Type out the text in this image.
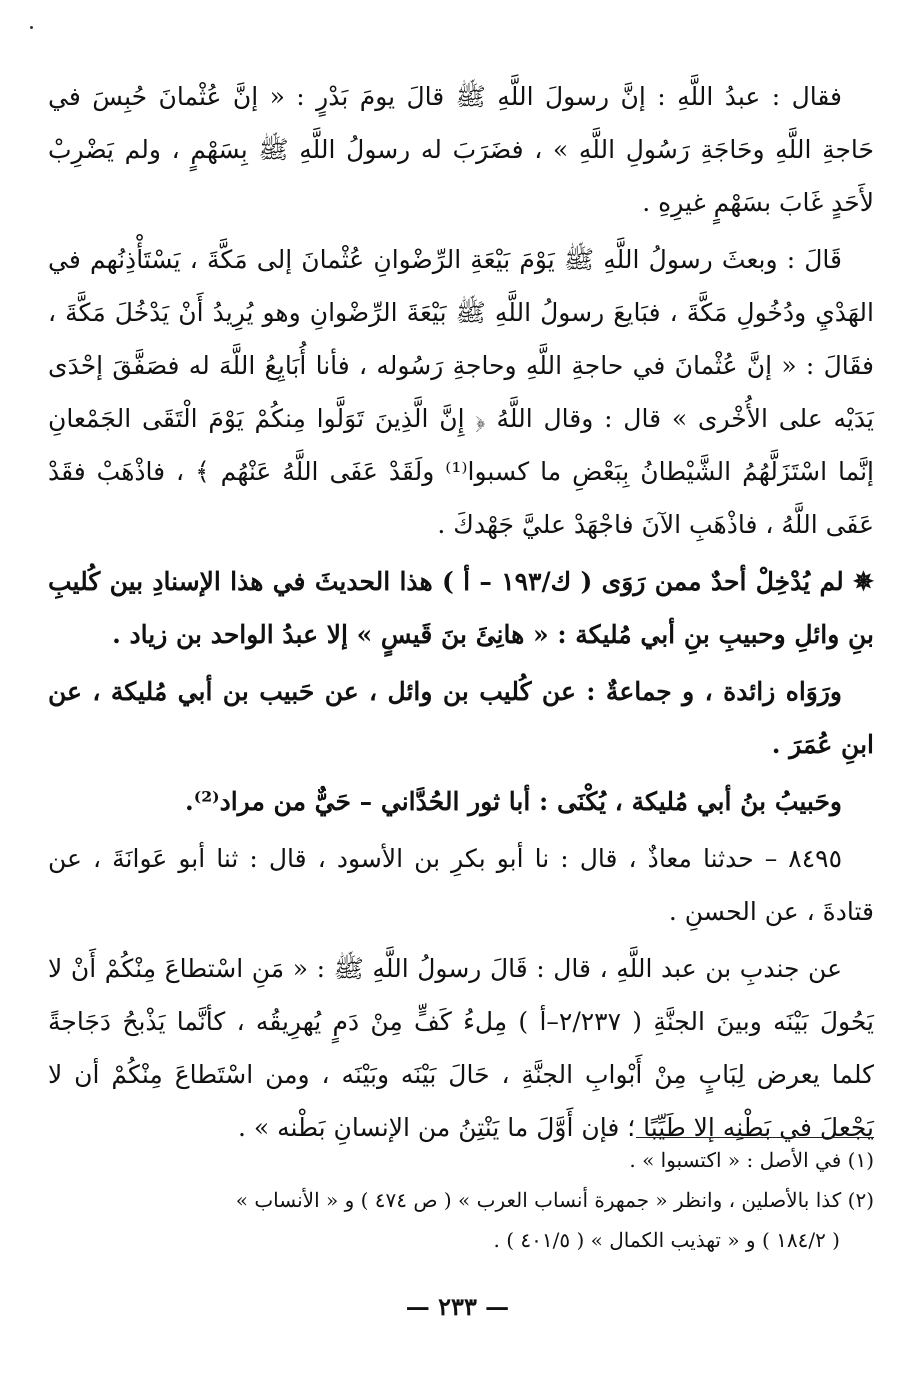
فقال : عبدُ اللَّهِ : إنَّ رسولَ اللَّهِ ﷺ قالَ يومَ بَدْرٍ : « إنَّ عُثْمانَ حُبِسَ في حَاجةِ اللَّهِ وحَاجَةِ رَسُولِ اللَّهِ » ، فضَرَبَ له رسولُ اللَّهِ ﷺ بِسَهْمٍ ، ولم يَضْرِبْ لأَحَدٍ غَابَ بسَهْمٍ غيرِهِ .

قَالَ : وبعثَ رسولُ اللَّهِ ﷺ يَوْمَ بَيْعَةِ الرِّضْوانِ عُثْمانَ إلى مَكَّةَ ، يَسْتَأْذِنُهم في الهَدْيِ ودُخُولِ مَكَّةَ ، فبَايعَ رسولُ اللَّهِ ﷺ بَيْعَةَ الرِّضْوانِ وهو يُرِيدُ أَنْ يَدْخُلَ مَكَّةَ ، فقَالَ : « إنَّ عُثْمانَ في حاجةِ اللَّهِ وحاجةِ رَسُوله ، فأنا أُبَايِعُ اللَّهَ له فصَفَّقَ إحْدَى يَدَيْه على الأُخْرى » قال : وقال اللَّهُ ﴿ إِنَّ الَّذِينَ تَوَلَّوا مِنكُمْ يَوْمَ الْتَقَى الجَمْعانِ إنَّما اسْتَزَلَّهُمُ الشَّيْطانُ بِبَعْضِ ما كسبوا⁽¹⁾ ولَقَدْ عَفَى اللَّهُ عَنْهُم ﴾ ، فاذْهَبْ فقَدْ عَفَى اللَّهُ ، فاذْهَبِ الآنَ فاجْهَدْ عليَّ جَهْدكَ .

✵ لم يُدْخِلْ أحدٌ ممن رَوَى ( ك/١٩٣ – أ ) هذا الحديثَ في هذا الإسنادِ بين كُليبِ بنِ وائلِ وحبيبِ بنِ أبي مُليكة : « هانِئَ بنَ قَيسٍ » إلا عبدُ الواحد بن زياد .

ورَوَاه زائدة ، و جماعةٌ : عن كُليب بن وائل ، عن حَبيب بن أبي مُليكة ، عن ابنِ عُمَرَ .

وحَبيبُ بنُ أبي مُليكة ، يُكْنَى : أبا ثور الحُدَّاني – حَيٌّ من مراد⁽²⁾.

٨٤٩٥ – حدثنا معاذٌ ، قال : نا أبو بكرِ بن الأسود ، قال : ثنا أبو عَوانَةَ ، عن قتادةَ ، عن الحسنِ .

عن جندبِ بن عبد اللَّهِ ، قال : قَالَ رسولُ اللَّهِ ﷺ : « مَنِ اسْتطاعَ مِنْكُمْ أَنْ لا يَحُولَ بَيْنَه وبينَ الجنَّةِ ( ٢/٢٣٧–أ ) مِلءُ كَفٍّ مِنْ دَمٍ يُهرِيقُه ، كأنَّما يَذْبحُ دَجَاجةً كلما يعرض لِبَابٍ مِنْ أَبْوابِ الجنَّةِ ، حَالَ بَيْنَه وبَيْنَه ، ومن اسْتَطاعَ مِنْكُمْ أن لا يَجْعلَ في بَطْنِه إلا طَيِّبًا ؛ فإن أَوَّلَ ما يَنْتِنُ من الإنسانِ بَطْنه » .

(١) في الأصل : « اكتسبوا » .

(٢) كذا بالأصلين ، وانظر « جمهرة أنساب العرب » ( ص ٤٧٤ ) و « الأنساب »

( ١٨٤/٢ ) و « تهذيب الكمال » ( ٤٠١/٥ ) .

— ٢٣٣ —
